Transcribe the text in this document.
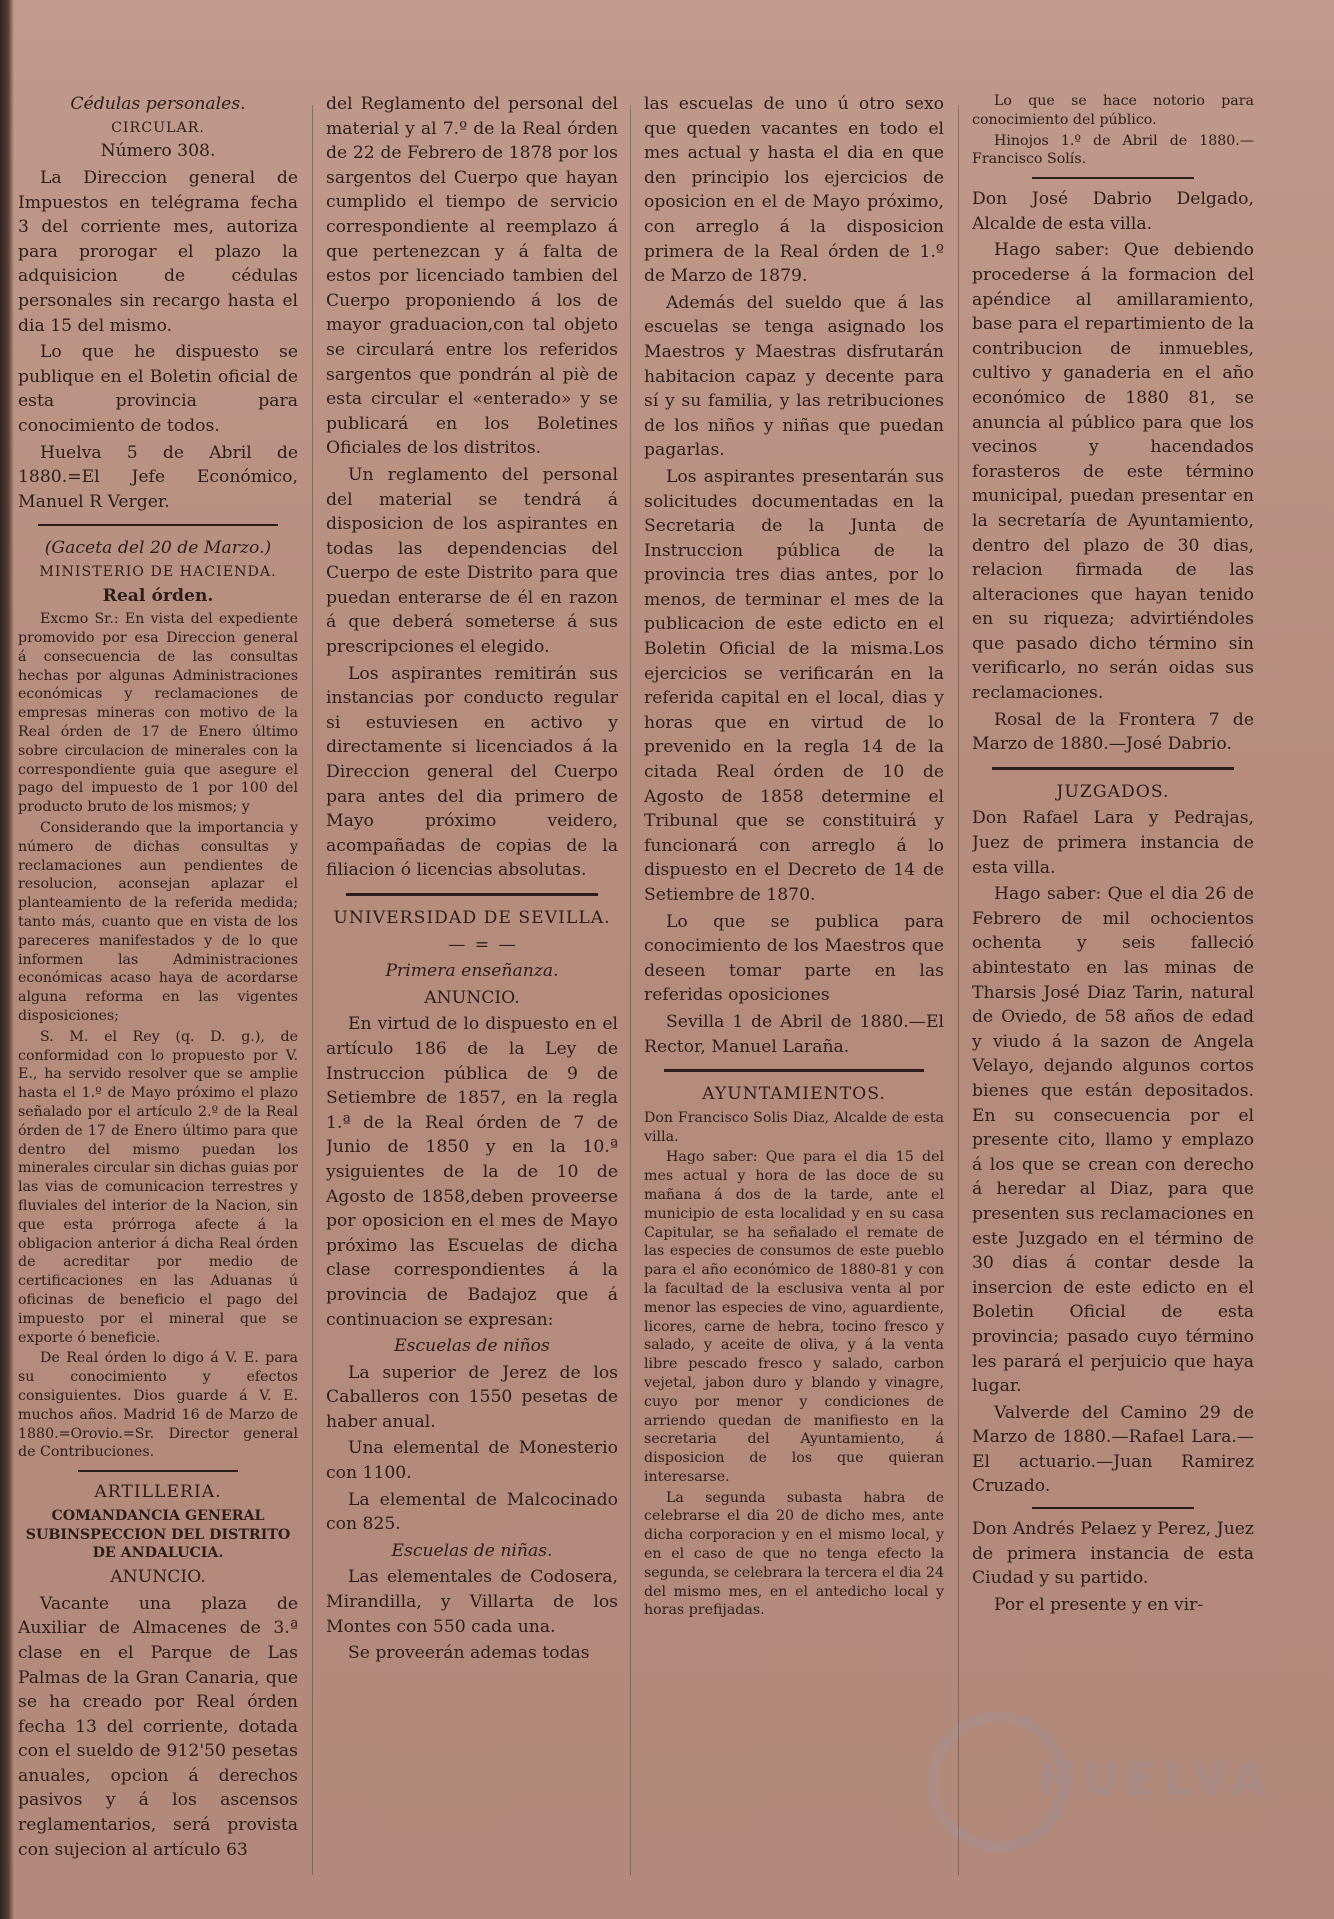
Cédulas personales.

CIRCULAR.

Número 308.

La Direccion general de Impuestos en telégrama fecha 3 del corriente mes, autoriza para prorogar el plazo la adquisicion de cédulas personales sin recargo hasta el dia 15 del mismo.

Lo que he dispuesto se publique en el Boletin oficial de esta provincia para conocimiento de todos.

Huelva 5 de Abril de 1880.=El Jefe Económico, Manuel R Verger.

(Gaceta del 20 de Marzo.)

MINISTERIO DE HACIENDA.

Real órden.

Excmo Sr.: En vista del expediente promovido por esa Direccion general á consecuencia de las consultas hechas por algunas Administraciones económicas y reclamaciones de empresas mineras con motivo de la Real órden de 17 de Enero último sobre circulacion de minerales con la correspondiente guia que asegure el pago del impuesto de 1 por 100 del producto bruto de los mismos; y

Considerando que la importancia y número de dichas consultas y reclamaciones aun pendientes de resolucion, aconsejan aplazar el planteamiento de la referida medida; tanto más, cuanto que en vista de los pareceres manifestados y de lo que informen las Administraciones económicas acaso haya de acordarse alguna reforma en las vigentes disposiciones;

S. M. el Rey (q. D. g.), de conformidad con lo propuesto por V. E., ha servido resolver que se amplie hasta el 1.º de Mayo próximo el plazo señalado por el artículo 2.º de la Real órden de 17 de Enero último para que dentro del mismo puedan los minerales circular sin dichas guias por las vias de comunicacion terrestres y fluviales del interior de la Nacion, sin que esta prórroga afecte á la obligacion anterior á dicha Real órden de acreditar por medio de certificaciones en las Aduanas ú oficinas de beneficio el pago del impuesto por el mineral que se exporte ó beneficie.

De Real órden lo digo á V. E. para su conocimiento y efectos consiguientes. Dios guarde á V. E. muchos años. Madrid 16 de Marzo de 1880.=Orovio.=Sr. Director general de Contribuciones.

ARTILLERIA.

COMANDANCIA GENERAL SUBINSPECCION DEL DISTRITO DE ANDALUCIA.

ANUNCIO.

Vacante una plaza de Auxiliar de Almacenes de 3.ª clase en el Parque de Las Palmas de la Gran Canaria, que se ha creado por Real órden fecha 13 del corriente, dotada con el sueldo de 912'50 pesetas anuales, opcion á derechos pasivos y á los ascensos reglamentarios, será provista con sujecion al artículo 63

del Reglamento del personal del material y al 7.º de la Real órden de 22 de Febrero de 1878 por los sargentos del Cuerpo que hayan cumplido el tiempo de servicio correspondiente al reemplazo á que pertenezcan y á falta de estos por licenciado tambien del Cuerpo proponiendo á los de mayor graduacion,con tal objeto se circulará entre los referidos sargentos que pondrán al piè de esta circular el «enterado» y se publicará en los Boletines Oficiales de los distritos.

Un reglamento del personal del material se tendrá á disposicion de los aspirantes en todas las dependencias del Cuerpo de este Distrito para que puedan enterarse de él en razon á que deberá someterse á sus prescripciones el elegido.

Los aspirantes remitirán sus instancias por conducto regular si estuviesen en activo y directamente si licenciados á la Direccion general del Cuerpo para antes del dia primero de Mayo próximo veidero, acompañadas de copias de la filiacion ó licencias absolutas.

UNIVERSIDAD DE SEVILLA.

— = —

Primera enseñanza.

ANUNCIO.

En virtud de lo dispuesto en el artículo 186 de la Ley de Instruccion pública de 9 de Setiembre de 1857, en la regla 1.ª de la Real órden de 7 de Junio de 1850 y en la 10.ª ysiguientes de la de 10 de Agosto de 1858,deben proveerse por oposicion en el mes de Mayo próximo las Escuelas de dicha clase correspondientes á la provincia de Badajoz que á continuacion se expresan:

Escuelas de niños

La superior de Jerez de los Caballeros con 1550 pesetas de haber anual.

Una elemental de Monesterio con 1100.

La elemental de Malcocinado con 825.

Escuelas de niñas.

Las elementales de Codosera, Mirandilla, y Villarta de los Montes con 550 cada una.

Se proveerán ademas todas

las escuelas de uno ú otro sexo que queden vacantes en todo el mes actual y hasta el dia en que den principio los ejercicios de oposicion en el de Mayo próximo, con arreglo á la disposicion primera de la Real órden de 1.º de Marzo de 1879.

Además del sueldo que á las escuelas se tenga asignado los Maestros y Maestras disfrutarán habitacion capaz y decente para sí y su familia, y las retribuciones de los niños y niñas que puedan pagarlas.

Los aspirantes presentarán sus solicitudes documentadas en la Secretaria de la Junta de Instruccion pública de la provincia tres dias antes, por lo menos, de terminar el mes de la publicacion de este edicto en el Boletin Oficial de la misma.Los ejercicios se verificarán en la referida capital en el local, dias y horas que en virtud de lo prevenido en la regla 14 de la citada Real órden de 10 de Agosto de 1858 determine el Tribunal que se constituirá y funcionará con arreglo á lo dispuesto en el Decreto de 14 de Setiembre de 1870.

Lo que se publica para conocimiento de los Maestros que deseen tomar parte en las referidas oposiciones

Sevilla 1 de Abril de 1880.—El Rector, Manuel Laraña.

AYUNTAMIENTOS.

Don Francisco Solis Diaz, Alcalde de esta villa.

Hago saber: Que para el dia 15 del mes actual y hora de las doce de su mañana á dos de la tarde, ante el municipio de esta localidad y en su casa Capitular, se ha señalado el remate de las especies de consumos de este pueblo para el año económico de 1880-81 y con la facultad de la esclusiva venta al por menor las especies de vino, aguardiente, licores, carne de hebra, tocino fresco y salado, y aceite de oliva, y á la venta libre pescado fresco y salado, carbon vejetal, jabon duro y blando y vinagre, cuyo por menor y condiciones de arriendo quedan de manifiesto en la secretaria del Ayuntamiento, á disposicion de los que quieran interesarse.

La segunda subasta habra de celebrarse el dia 20 de dicho mes, ante dicha corporacion y en el mismo local, y en el caso de que no tenga efecto la segunda, se celebrara la tercera el dia 24 del mismo mes, en el antedicho local y horas prefijadas.

Lo que se hace notorio para conocimiento del público.

Hinojos 1.º de Abril de 1880.—Francisco Solís.

Don José Dabrio Delgado, Alcalde de esta villa.

Hago saber: Que debiendo procederse á la formacion del apéndice al amillaramiento, base para el repartimiento de la contribucion de inmuebles, cultivo y ganaderia en el año económico de 1880 81, se anuncia al público para que los vecinos y hacendados forasteros de este término municipal, puedan presentar en la secretaría de Ayuntamiento, dentro del plazo de 30 dias, relacion firmada de las alteraciones que hayan tenido en su riqueza; advirtiéndoles que pasado dicho término sin verificarlo, no serán oidas sus reclamaciones.

Rosal de la Frontera 7 de Marzo de 1880.—José Dabrio.

JUZGADOS.

Don Rafael Lara y Pedrajas, Juez de primera instancia de esta villa.

Hago saber: Que el dia 26 de Febrero de mil ochocientos ochenta y seis falleció abintestato en las minas de Tharsis José Diaz Tarin, natural de Oviedo, de 58 años de edad y viudo á la sazon de Angela Velayo, dejando algunos cortos bienes que están depositados. En su consecuencia por el presente cito, llamo y emplazo á los que se crean con derecho á heredar al Diaz, para que presenten sus reclamaciones en este Juzgado en el término de 30 dias á contar desde la insercion de este edicto en el Boletin Oficial de esta provincia; pasado cuyo término les parará el perjuicio que haya lugar.

Valverde del Camino 29 de Marzo de 1880.—Rafael Lara.—El actuario.—Juan Ramirez Cruzado.

Don Andrés Pelaez y Perez, Juez de primera instancia de esta Ciudad y su partido.

Por el presente y en vir-

HUELVA
